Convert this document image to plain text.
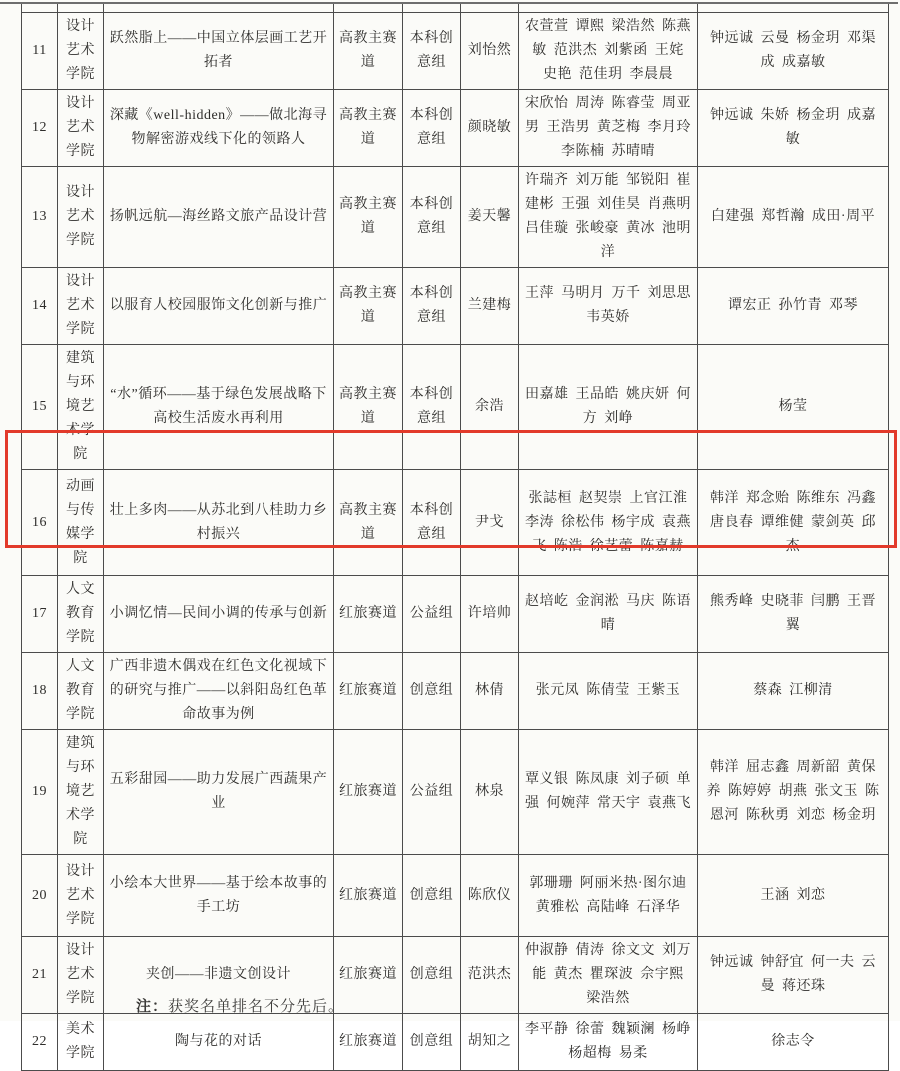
11	设计艺术学院	跃然脂上——中国立体层画工艺开拓者	高教主赛道	本科创意组	刘怡然	农萱萱 谭熙 梁浩然 陈燕敏 范洪杰 刘紫函 王姹 史艳 范佳玥 李晨晨	钟远诚 云曼 杨金玥 邓渠成 成嘉敏
12	设计艺术学院	深藏《well-hidden》——做北海寻物解密游戏线下化的领路人	高教主赛道	本科创意组	颜晓敏	宋欣怡 周涛 陈睿莹 周亚男 王浩男 黄芝梅 李月玲 李陈楠 苏晴晴	钟远诚 朱娇 杨金玥 成嘉敏
13	设计艺术学院	扬帆远航—海丝路文旅产品设计营	高教主赛道	本科创意组	姜天馨	许瑞齐 刘万能 邹锐阳 崔建彬 王强 刘佳昊 肖燕明 吕佳璇 张峻豪 黄冰 池明洋	白建强 郑哲瀚 成田·周平
14	设计艺术学院	以服育人校园服饰文化创新与推广	高教主赛道	本科创意组	兰建梅	王萍 马明月 万千 刘思思 韦英娇	谭宏正 孙竹青 邓琴
15	建筑与环境艺术学院	“水”循环——基于绿色发展战略下高校生活废水再利用	高教主赛道	本科创意组	余浩	田嘉雄 王品皓 姚庆妍 何方 刘峥	杨莹
16	动画与传媒学院	壮上多肉——从苏北到八桂助力乡村振兴	高教主赛道	本科创意组	尹戈	张誌桓 赵契崇 上官江淮 李涛 徐松伟 杨宇成 袁燕飞 陈浩 徐艺蕾 陈嘉赫	韩洋 郑念贻 陈维东 冯鑫 唐良春 谭维健 蒙剑英 邱杰
17	人文教育学院	小调忆情—民间小调的传承与创新	红旅赛道	公益组	许培帅	赵培屹 金润淞 马庆 陈语晴	熊秀峰 史晓菲 闫鹏 王晋翼
18	人文教育学院	广西非遗木偶戏在红色文化视域下的研究与推广——以斜阳岛红色革命故事为例	红旅赛道	创意组	林倩	张元凤 陈倩莹 王紫玉	蔡森 江柳清
19	建筑与环境艺术学院	五彩甜园——助力发展广西蔬果产业	红旅赛道	公益组	林泉	覃义银 陈凤康 刘子硕 单强 何婉萍 常天宇 袁燕飞	韩洋 屈志鑫 周新韶 黄保养 陈婷婷 胡燕 张文玉 陈恩河 陈秋勇 刘恋 杨金玥
20	设计艺术学院	小绘本大世界——基于绘本故事的手工坊	红旅赛道	创意组	陈欣仪	郭珊珊 阿丽米热·图尔迪 黄雅松 高陆峰 石泽华	王涵 刘恋
21	设计艺术学院	夹创——非遗文创设计	红旅赛道	创意组	范洪杰	仲淑静 倩涛 徐文文 刘万能 黄杰 瞿琛波 佘宇熙 梁浩然	钟远诚 钟舒宜 何一夫 云曼 蒋还珠
22	美术学院	陶与花的对话	红旅赛道	创意组	胡知之	李平静 徐蕾 魏颖澜 杨峥 杨超梅 易柔	徐志令
注：获奖名单排名不分先后。
